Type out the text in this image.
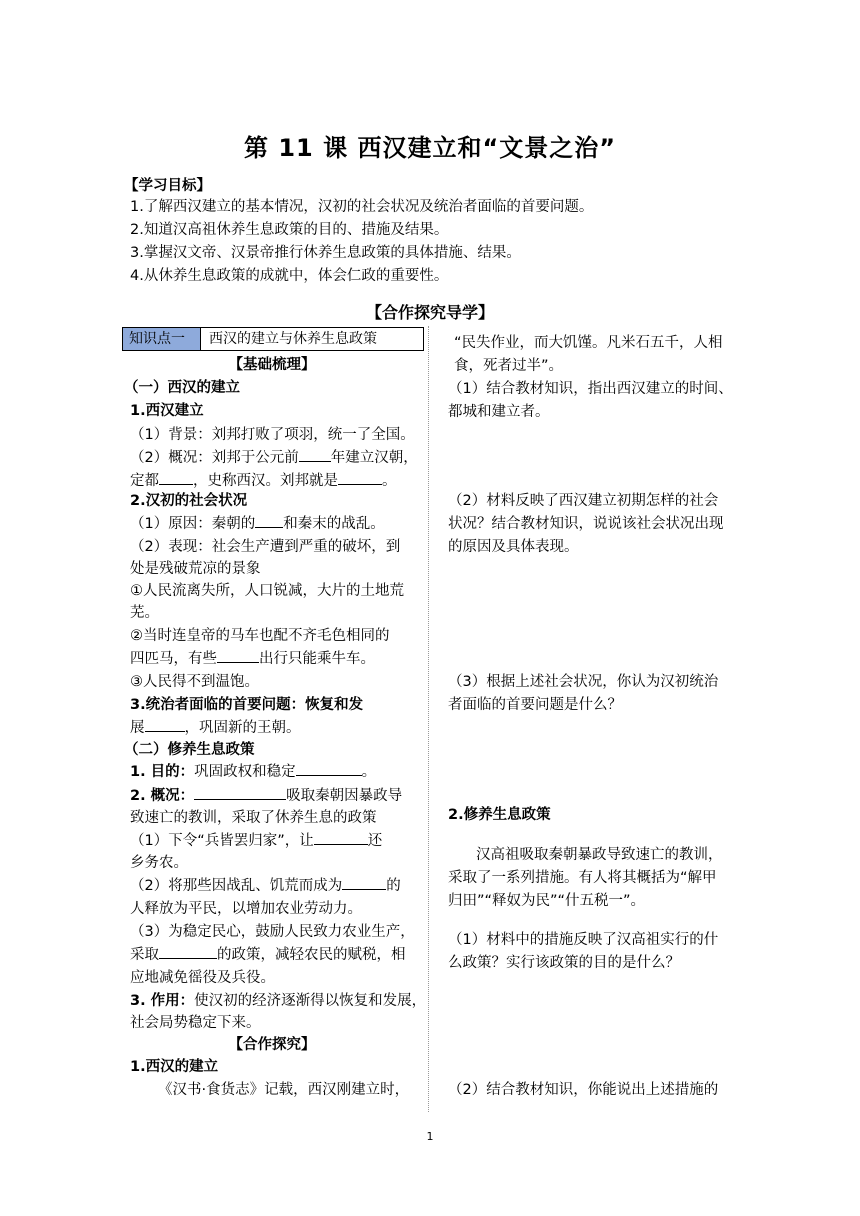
第 11 课 西汉建立和“文景之治”
【学习目标】
1.了解西汉建立的基本情况，汉初的社会状况及统治者面临的首要问题。
2.知道汉高祖休养生息政策的目的、措施及结果。
3.掌握汉文帝、汉景帝推行休养生息政策的具体措施、结果。
4.从休养生息政策的成就中，体会仁政的重要性。
【合作探究导学】
知识点一	西汉的建立与休养生息政策
【基础梳理】
（一）西汉的建立
1.西汉建立
（1）背景：刘邦打败了项羽，统一了全国。
（2）概况：刘邦于公元前 年建立汉朝，
定都 ，史称西汉。刘邦就是	。
2.汉初的社会状况
（1）原因：秦朝的 和秦末的战乱。
（2）表现：社会生产遭到严重的破坏，到
处是残破荒凉的景象
①人民流离失所，人口锐减，大片的土地荒
芜。
②当时连皇帝的马车也配不齐毛色相同的
四匹马，有些	出行只能乘牛车。
③人民得不到温饱。
3.统治者面临的首要问题：恢复和发
展	，巩固新的王朝。
（二）修养生息政策
1. 目的：巩固政权和稳定	。
2. 概况：	吸取秦朝因暴政导
致速亡的教训，采取了休养生息的政策
（1）下令“兵皆罢归家”，让	还
乡务农。
（2）将那些因战乱、饥荒而成为	的
人释放为平民，以增加农业劳动力。
（3）为稳定民心，鼓励人民致力农业生产，
采取	的政策，减轻农民的赋税，相
应地减免徭役及兵役。
3. 作用：使汉初的经济逐渐得以恢复和发展，
社会局势稳定下来。
【合作探究】
1.西汉的建立
《汉书·食货志》记载，西汉刚建立时，
“民失作业，而大饥馑。凡米石五千，人相
食，死者过半”。
（1）结合教材知识，指出西汉建立的时间、
都城和建立者。
（2）材料反映了西汉建立初期怎样的社会
状况？结合教材知识，说说该社会状况出现
的原因及具体表现。
（3）根据上述社会状况，你认为汉初统治
者面临的首要问题是什么？
2.修养生息政策
汉高祖吸取秦朝暴政导致速亡的教训，
采取了一系列措施。有人将其概括为“解甲
归田”“释奴为民”“什五税一”。
（1）材料中的措施反映了汉高祖实行的什
么政策？实行该政策的目的是什么？
（2）结合教材知识，你能说出上述措施的
1
